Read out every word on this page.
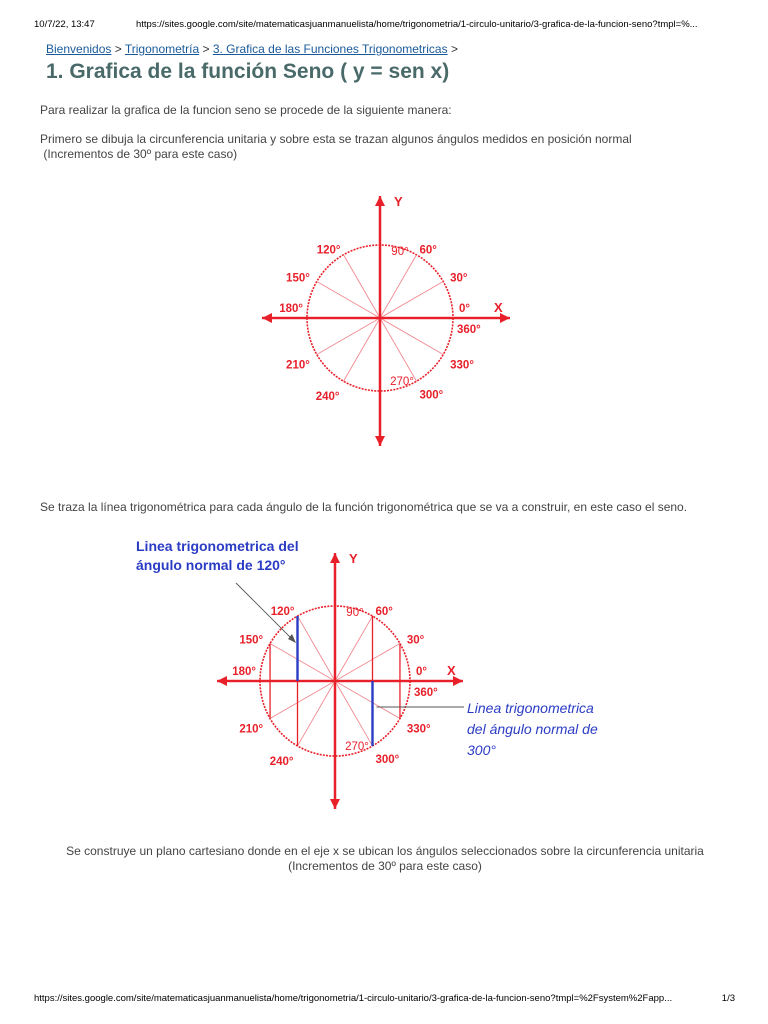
10/7/22, 13:47	https://sites.google.com/site/matematicasjuanmanuelista/home/trigonometria/1-circulo-unitario/3-grafica-de-la-funcion-seno?tmpl=%...
Bienvenidos > Trigonometría > 3. Grafica de las Funciones Trigonometricas >
1. Grafica de la función Seno ( y = sen x)

Para realizar la grafica de la funcion seno se procede de la siguiente manera:

Primero se dibuja la circunferencia unitaria y sobre esta se trazan algunos ángulos medidos en posición normal

(Incrementos de 30º para este caso)

Y
X
0°
30°
60°
90°
120°
150°
180°
210°
240°
270°
300°
330°
360°

Se traza la línea trigonométrica para cada ángulo de la función trigonométrica que se va a construir, en este caso el seno.

Y
X
0°
30°
60°
90°
120°
150°
180°
210°
240°
270°
300°
330°
360°
Linea trigonometrica del
ángulo normal de 120°
Linea trigonometrica
del ángulo normal de
300°

Se construye un plano cartesiano donde en el eje x se ubican los ángulos seleccionados sobre la circunferencia unitaria

(Incrementos de 30º para este caso)

https://sites.google.com/site/matematicasjuanmanuelista/home/trigonometria/1-circulo-unitario/3-grafica-de-la-funcion-seno?tmpl=%2Fsystem%2Fapp...	1/3
